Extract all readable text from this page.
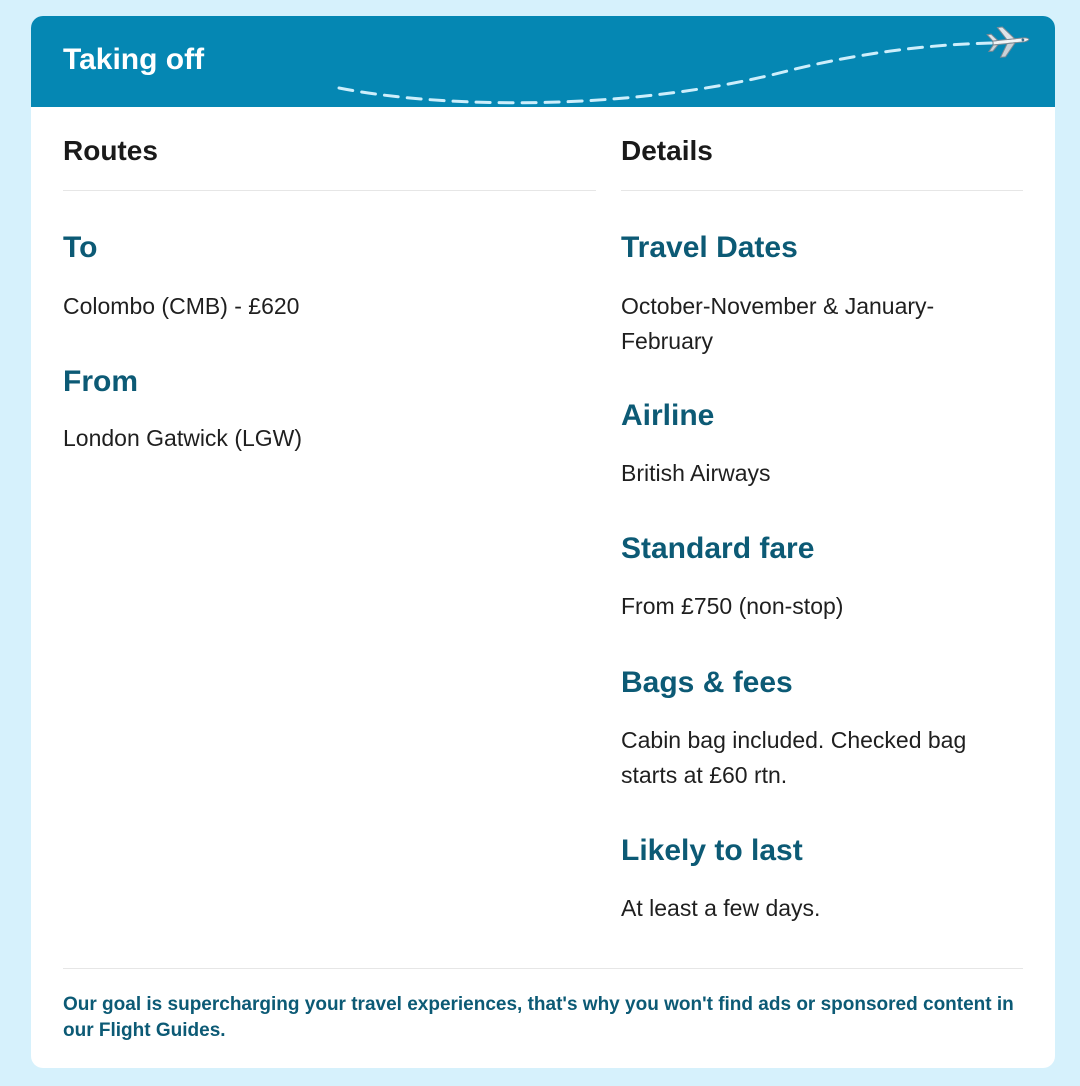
Taking off
Routes
To
Colombo (CMB) - £620
From
London Gatwick (LGW)
Details
Travel Dates
October-November & January-February
Airline
British Airways
Standard fare
From £750 (non-stop)
Bags & fees
Cabin bag included. Checked bag starts at £60 rtn.
Likely to last
At least a few days.
Our goal is supercharging your travel experiences, that's why you won't find ads or sponsored content in our Flight Guides.
